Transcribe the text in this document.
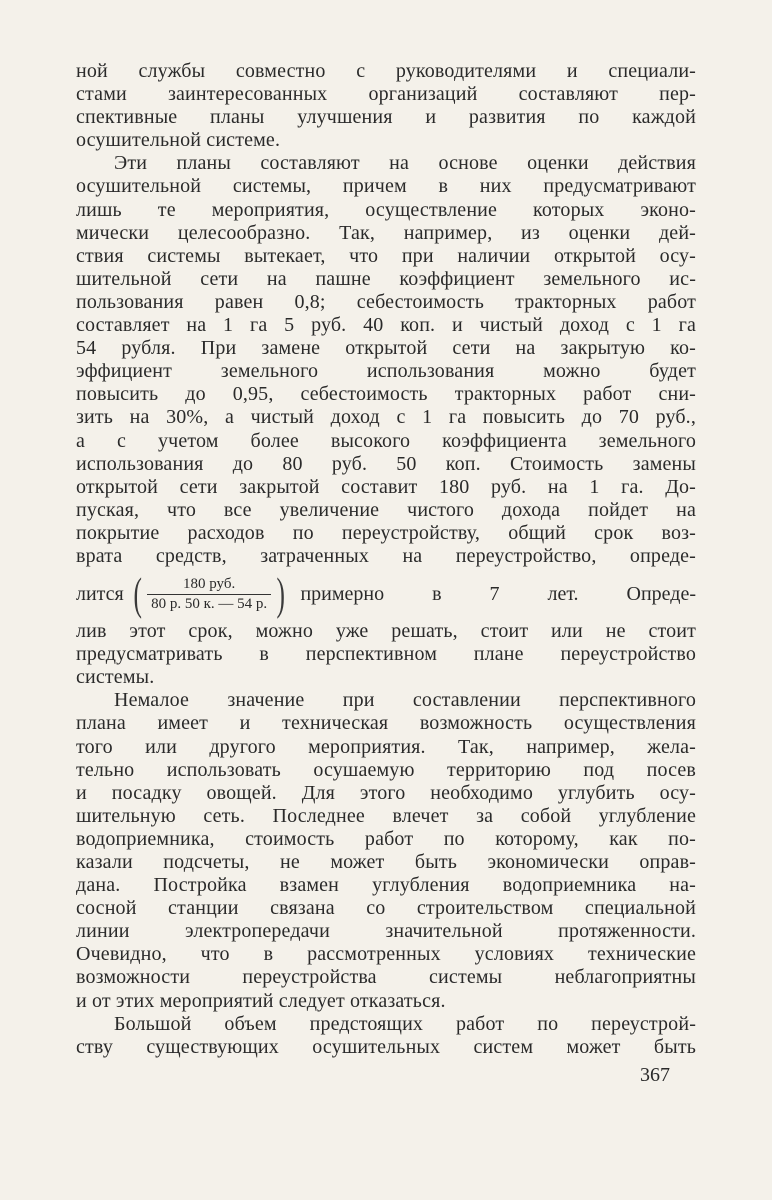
ной службы совместно с руководителями и специали-
стами заинтересованных организаций составляют пер-
спективные планы улучшения и развития по каждой
осушительной системе.
Эти планы составляют на основе оценки действия
осушительной системы, причем в них предусматривают
лишь те мероприятия, осуществление которых эконо-
мически целесообразно. Так, например, из оценки дей-
ствия системы вытекает, что при наличии открытой осу-
шительной сети на пашне коэффициент земельного ис-
пользования равен 0,8; себестоимость тракторных работ
составляет на 1 га 5 руб. 40 коп. и чистый доход с 1 га
54 рубля. При замене открытой сети на закрытую ко-
эффициент земельного использования можно будет
повысить до 0,95, себестоимость тракторных работ сни-
зить на 30%, а чистый доход с 1 га повысить до 70 руб.,
а с учетом более высокого коэффициента земельного
использования до 80 руб. 50 коп. Стоимость замены
открытой сети закрытой составит 180 руб. на 1 га. До-
пуская, что все увеличение чистого дохода пойдет на
покрытие расходов по переустройству, общий срок воз-
врата средств, затраченных на переустройство, опреде-
лится ( $\frac{\text{180 руб.}}{80 р. 50 к. — 54 р.}$ ) примерно в 7 лет. Опреде-
лив этот срок, можно уже решать, стоит или не стоит
предусматривать в перспективном плане переустройство
системы.
Немалое значение при составлении перспективного
плана имеет и техническая возможность осуществления
того или другого мероприятия. Так, например, жела-
тельно использовать осушаемую территорию под посев
и посадку овощей. Для этого необходимо углубить осу-
шительную сеть. Последнее влечет за собой углубление
водоприемника, стоимость работ по которому, как по-
казали подсчеты, не может быть экономически оправ-
дана. Постройка взамен углубления водоприемника на-
сосной станции связана со строительством специальной
линии электропередачи значительной протяженности.
Очевидно, что в рассмотренных условиях технические
возможности переустройства системы неблагоприятны
и от этих мероприятий следует отказаться.
Большой объем предстоящих работ по переустрой-
ству существующих осушительных систем может быть
367
